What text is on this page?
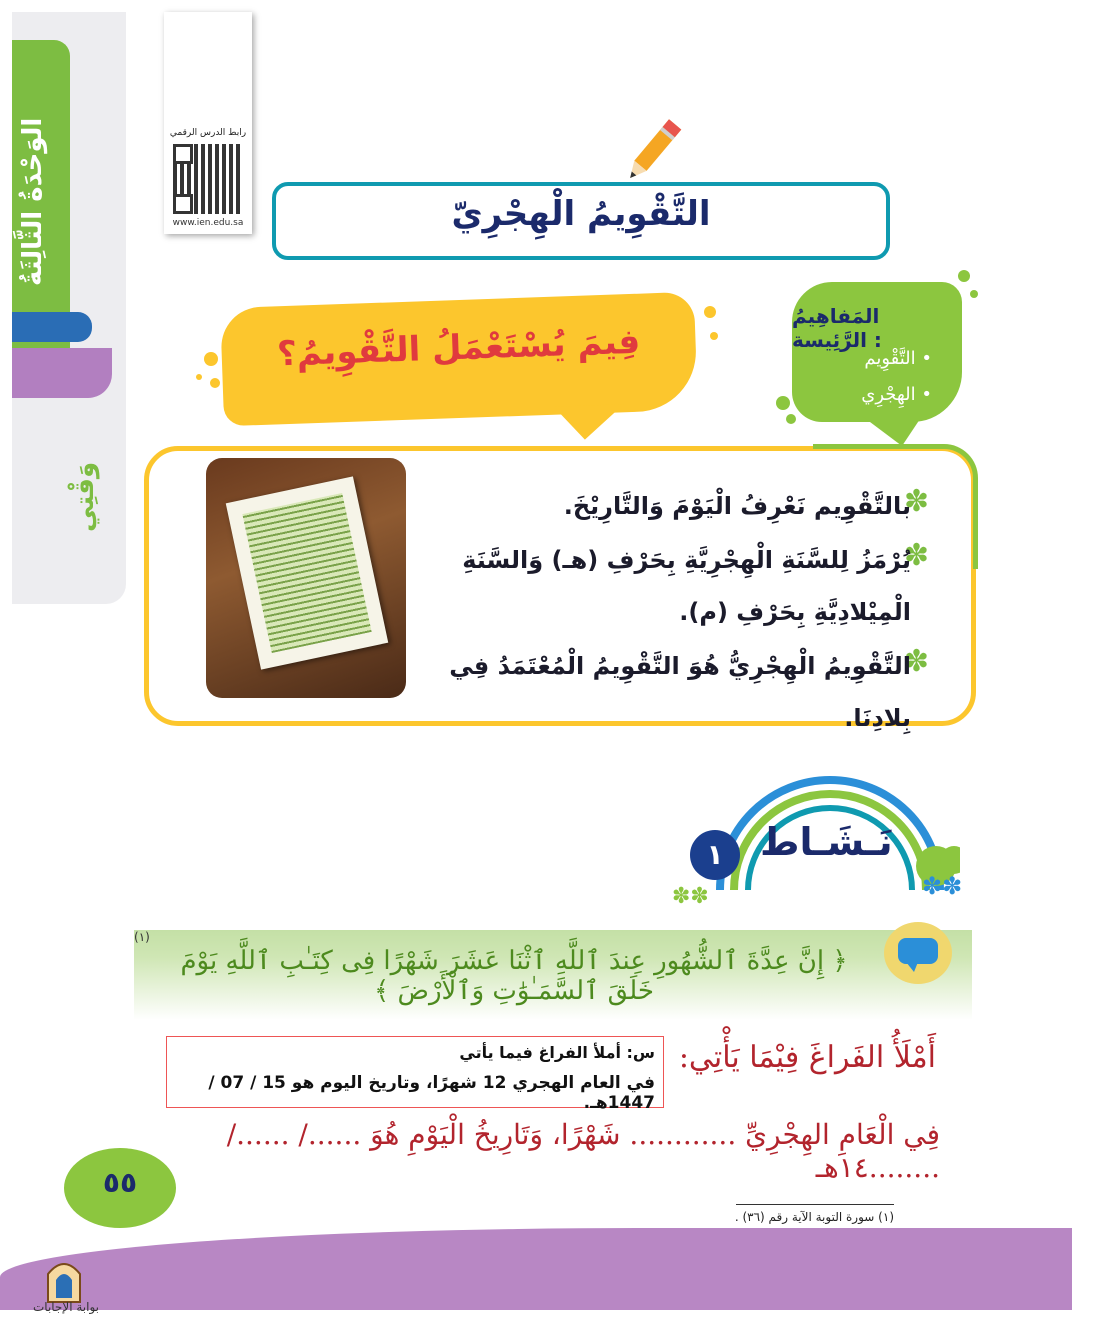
الوَحْدَةُ الثَّالِثَةُ
وَقْتِي
رابط الدرس الرقمي
www.ien.edu.sa	التَّقْوِيمُ الْهِجْرِيّ
فِيمَ يُسْتَعْمَلُ التَّقْوِيمُ؟
المَفاهِيمُ الرَّئِيسة :
التَّقْوِيم •
الهِجْرِي •
✽
بالتَّقْوِيم نَعْرِفُ الْيَوْمَ وَالتَّارِيْخَ.
✽
يُرْمَزُ لِلسَّنَةِ الْهِجْرِيَّةِ بِحَرْفِ (هـ) وَالسَّنَةِ الْمِيْلادِيَّةِ بِحَرْفِ (م).
✽
التَّقْوِيمُ الْهِجْرِيُّ هُوَ التَّقْوِيمُ الْمُعْتَمَدُ فِي بِلادِنَا.
نَـشَـاط
١
✽✽	✽✽
(١)
﴿ إِنَّ عِدَّةَ ٱلشُّهُورِ عِندَ ٱللَّهِ ٱثْنَا عَشَرَ شَهْرًا فِى كِتَـٰبِ ٱللَّهِ يَوْمَ خَلَقَ ٱلسَّمَـٰوَٰتِ وَٱلْأَرْضَ ﴾
س: أملأ الفراغ فيما يأتي
في العام الهجري 12 شهرًا، وتاريخ اليوم هو 15 / 07 / 1447هـ.
أَمْلَأُ الفَراغَ فِيْمَا يَأْتِي:
فِي الْعَامِ الهِجْرِيِّ ............ شَهْرًا، وَتَارِيخُ الْيَوْمِ هُوَ ....../ ....../ ........١٤هـ
(١) سورة التوبة الآية رقم (٣٦) .
٥٥
بوابة الإجابات
